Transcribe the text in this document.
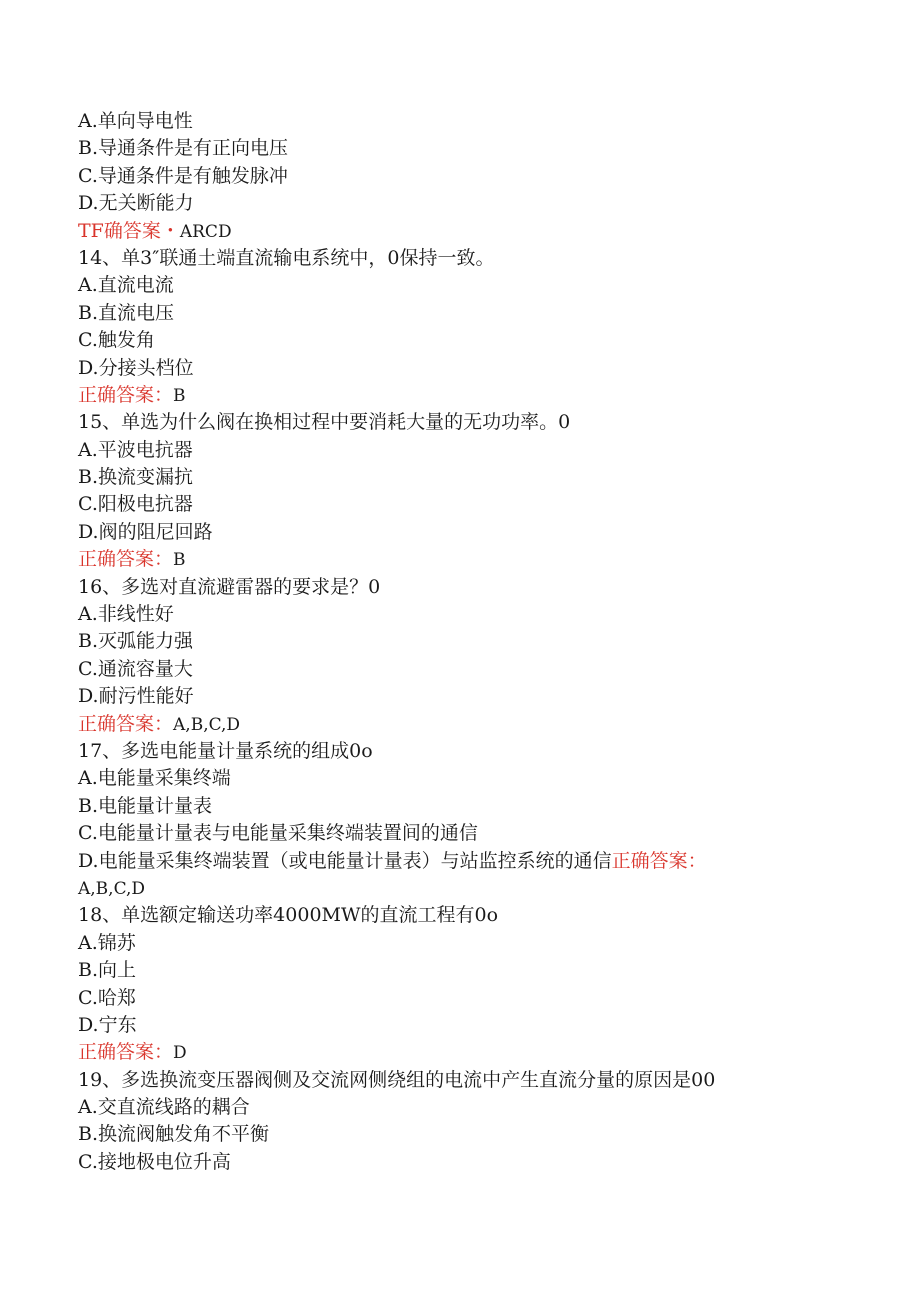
A.单向导电性
B.导通条件是有正向电压
C.导通条件是有触发脉冲
D.无关断能力
TF确答案・ARCD
14、单3″联通土端直流输电系统中，0保持一致。
A.直流电流
B.直流电压
C.触发角
D.分接头档位
正确答案：B
15、单选为什么阀在换相过程中要消耗大量的无功功率。0
A.平波电抗器
B.换流变漏抗
C.阳极电抗器
D.阀的阻尼回路
正确答案：B
16、多选对直流避雷器的要求是？0
A.非线性好
B.灭弧能力强
C.通流容量大
D.耐污性能好
正确答案：A,B,C,D
17、多选电能量计量系统的组成0o
A.电能量采集终端
B.电能量计量表
C.电能量计量表与电能量采集终端装置间的通信
D.电能量采集终端装置（或电能量计量表）与站监控系统的通信正确答案：
A,B,C,D
18、单选额定输送功率4000MW的直流工程有0o
A.锦苏
B.向上
C.哈郑
D.宁东
正确答案：D
19、多选换流变压器阀侧及交流网侧绕组的电流中产生直流分量的原因是00
A.交直流线路的耦合
B.换流阀触发角不平衡
C.接地极电位升高
